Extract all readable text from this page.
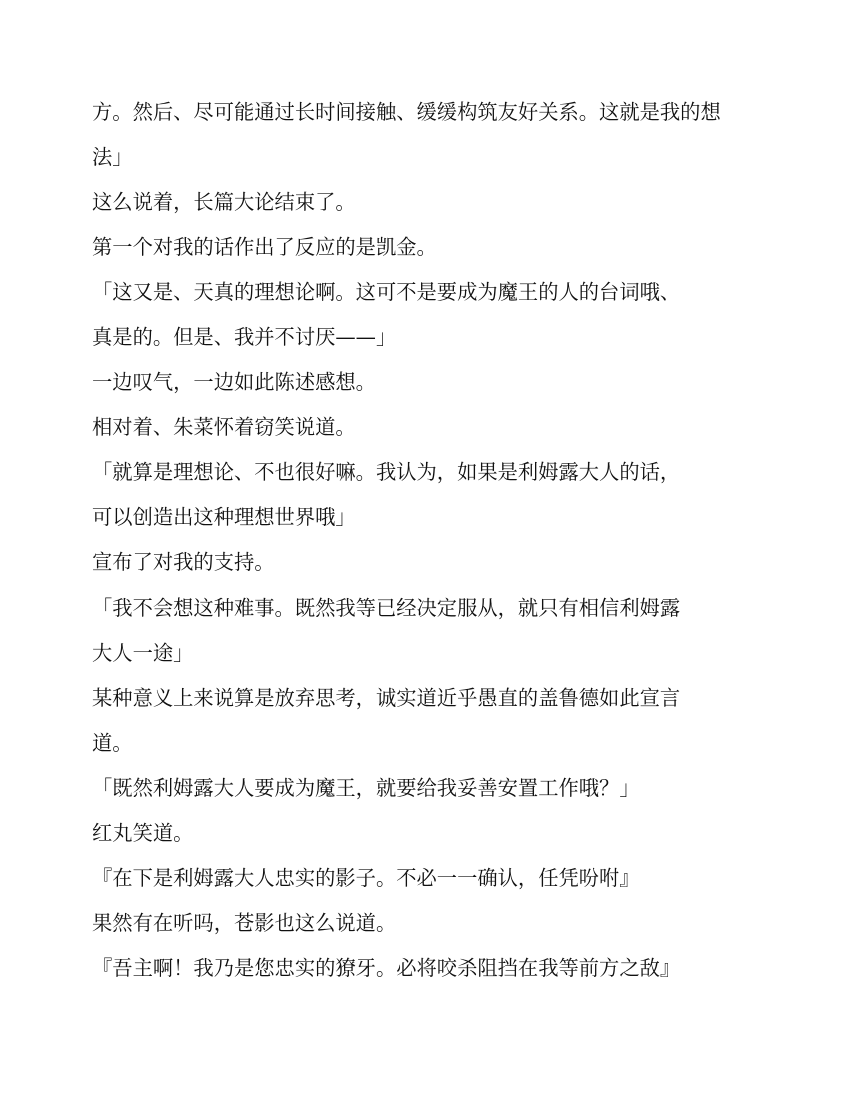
方。然后、尽可能通过长时间接触、缓缓构筑友好关系。这就是我的想
法」
这么说着，长篇大论结束了。
第一个对我的话作出了反应的是凯金。
「这又是、天真的理想论啊。这可不是要成为魔王的人的台词哦、
真是的。但是、我并不讨厌——」
一边叹气，一边如此陈述感想。
相对着、朱菜怀着窃笑说道。
「就算是理想论、不也很好嘛。我认为，如果是利姆露大人的话，
可以创造出这种理想世界哦」
宣布了对我的支持。
「我不会想这种难事。既然我等已经决定服从，就只有相信利姆露
大人一途」
某种意义上来说算是放弃思考，诚实道近乎愚直的盖鲁德如此宣言
道。
「既然利姆露大人要成为魔王，就要给我妥善安置工作哦？」
红丸笑道。
『在下是利姆露大人忠实的影子。不必一一确认，任凭吩咐』
果然有在听吗，苍影也这么说道。
『吾主啊！我乃是您忠实的獠牙。必将咬杀阻挡在我等前方之敌』
